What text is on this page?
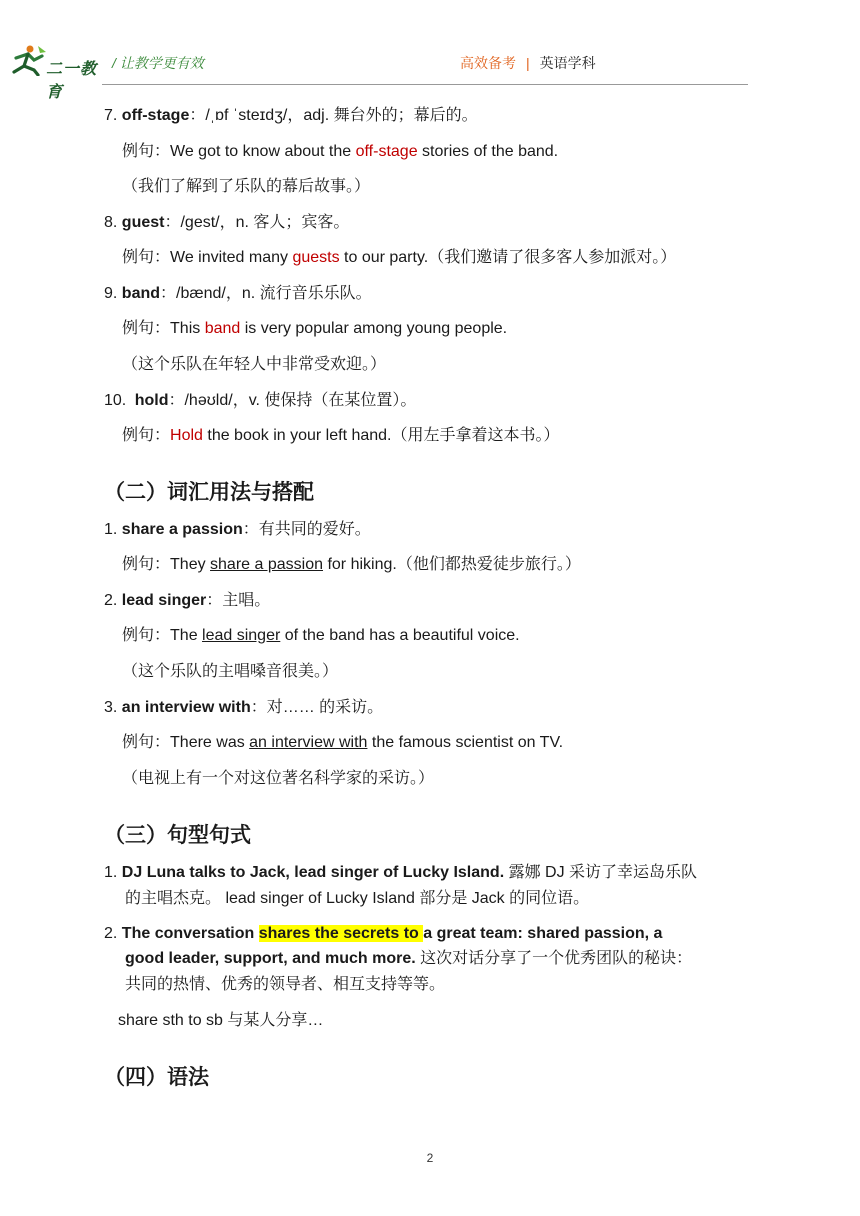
二一教育
/ 让教学更有效	高效备考 | 英语学科
7. off-stage：/ˌɒf ˈsteɪdʒ/，adj. 舞台外的；幕后的。
例句：We got to know about the off-stage stories of the band.
（我们了解到了乐队的幕后故事。）
8. guest：/gest/，n. 客人；宾客。
例句：We invited many guests to our party.（我们邀请了很多客人参加派对。）
9. band：/bænd/，n. 流行音乐乐队。
例句：This band is very popular among young people.
（这个乐队在年轻人中非常受欢迎。）
10. hold：/həʊld/，v. 使保持（在某位置）。
例句：Hold the book in your left hand.（用左手拿着这本书。）
（二）词汇用法与搭配
1. share a passion：有共同的爱好。
例句：They share a passion for hiking.（他们都热爱徒步旅行。）
2. lead singer：主唱。
例句：The lead singer of the band has a beautiful voice.
（这个乐队的主唱嗓音很美。）
3. an interview with：对…… 的采访。
例句：There was an interview with the famous scientist on TV.
（电视上有一个对这位著名科学家的采访。）
（三）句型句式
1. DJ Luna talks to Jack, lead singer of Lucky Island. 露娜 DJ 采访了幸运岛乐队
的主唱杰克。 lead singer of Lucky Island 部分是 Jack 的同位语。
2. The conversation shares the secrets to a great team: shared passion, a
good leader, support, and much more. 这次对话分享了一个优秀团队的秘诀：
共同的热情、优秀的领导者、相互支持等等。
share sth to sb 与某人分享…
（四）语法
2
